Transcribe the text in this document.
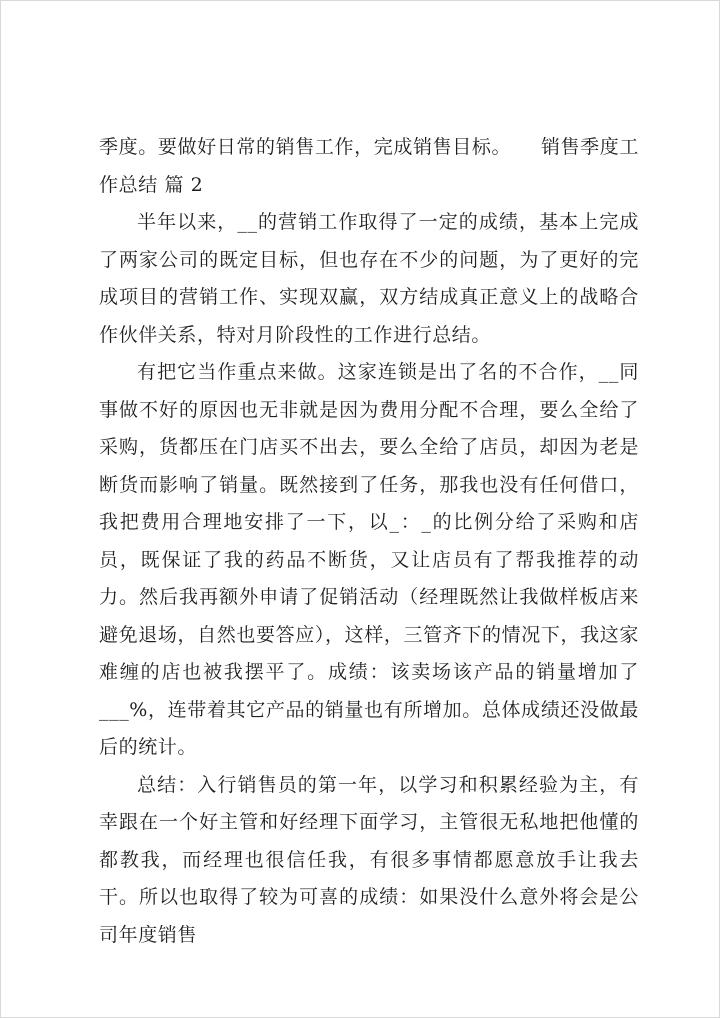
季度。要做好日常的销售工作，完成销售目标。　　销售季度工作总结 篇 2

半年以来，__的营销工作取得了一定的成绩，基本上完成了两家公司的既定目标，但也存在不少的问题，为了更好的完成项目的营销工作、实现双赢，双方结成真正意义上的战略合作伙伴关系，特对月阶段性的工作进行总结。

有把它当作重点来做。这家连锁是出了名的不合作，__同事做不好的原因也无非就是因为费用分配不合理，要么全给了采购，货都压在门店买不出去，要么全给了店员，却因为老是断货而影响了销量。既然接到了任务，那我也没有任何借口，我把费用合理地安排了一下，以_：_的比例分给了采购和店员，既保证了我的药品不断货，又让店员有了帮我推荐的动力。然后我再额外申请了促销活动（经理既然让我做样板店来避免退场，自然也要答应），这样，三管齐下的情况下，我这家难缠的店也被我摆平了。成绩：该卖场该产品的销量增加了___%，连带着其它产品的销量也有所增加。总体成绩还没做最后的统计。

总结：入行销售员的第一年，以学习和积累经验为主，有幸跟在一个好主管和好经理下面学习，主管很无私地把他懂的都教我，而经理也很信任我，有很多事情都愿意放手让我去干。所以也取得了较为可喜的成绩：如果没什么意外将会是公司年度销售
